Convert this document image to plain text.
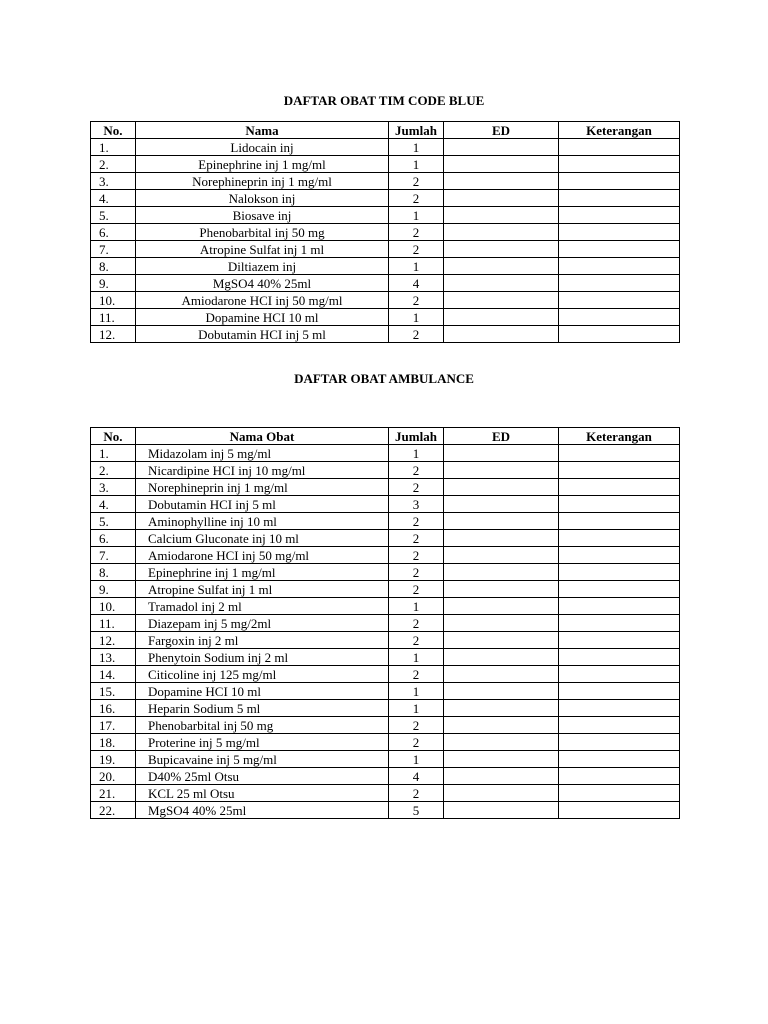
DAFTAR OBAT TIM CODE BLUE
No.	Nama	Jumlah	ED	Keterangan
1.	Lidocain inj	1		
2.	Epinephrine inj 1 mg/ml	1		
3.	Norephineprin inj 1 mg/ml	2		
4.	Nalokson inj	2		
5.	Biosave inj	1		
6.	Phenobarbital inj 50 mg	2		
7.	Atropine Sulfat inj 1 ml	2		
8.	Diltiazem inj	1		
9.	MgSO4 40% 25ml	4		
10.	Amiodarone HCI inj 50 mg/ml	2		
11.	Dopamine HCI 10 ml	1		
12.	Dobutamin HCI inj 5 ml	2		
DAFTAR OBAT AMBULANCE
No.	Nama Obat	Jumlah	ED	Keterangan
1.	Midazolam inj 5 mg/ml	1		
2.	Nicardipine HCI inj 10 mg/ml	2		
3.	Norephineprin inj 1 mg/ml	2		
4.	Dobutamin HCI inj 5 ml	3		
5.	Aminophylline inj 10 ml	2		
6.	Calcium Gluconate inj 10 ml	2		
7.	Amiodarone HCI inj 50 mg/ml	2		
8.	Epinephrine inj 1 mg/ml	2		
9.	Atropine Sulfat inj 1 ml	2		
10.	Tramadol inj 2 ml	1		
11.	Diazepam inj 5 mg/2ml	2		
12.	Fargoxin inj 2 ml	2		
13.	Phenytoin Sodium inj 2 ml	1		
14.	Citicoline inj 125 mg/ml	2		
15.	Dopamine HCI 10 ml	1		
16.	Heparin Sodium 5 ml	1		
17.	Phenobarbital inj 50 mg	2		
18.	Proterine inj 5 mg/ml	2		
19.	Bupicavaine inj 5 mg/ml	1		
20.	D40% 25ml Otsu	4		
21.	KCL 25 ml Otsu	2		
22.	MgSO4 40% 25ml	5		
